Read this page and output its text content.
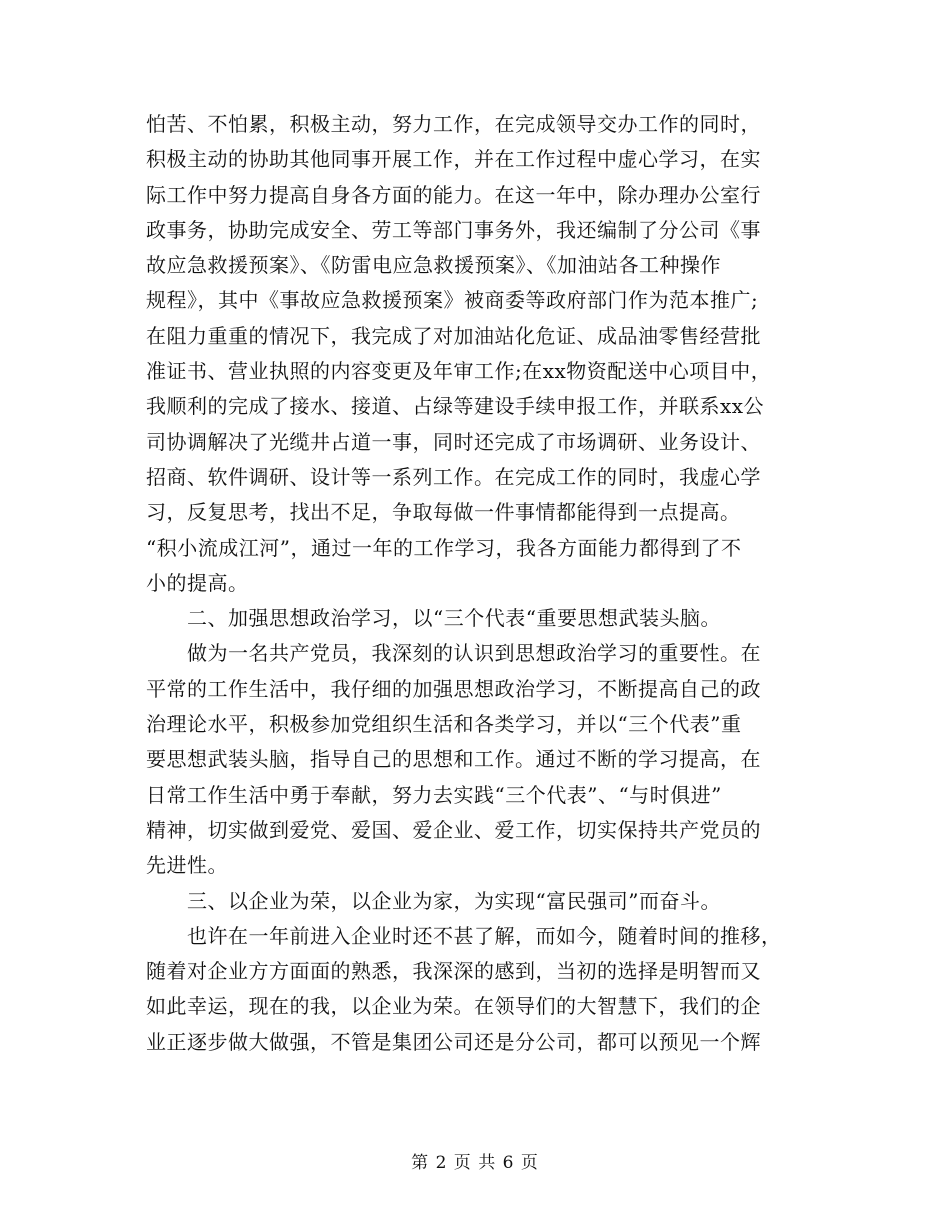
怕苦、不怕累，积极主动，努力工作，在完成领导交办工作的同时，
积极主动的协助其他同事开展工作，并在工作过程中虚心学习，在实
际工作中努力提高自身各方面的能力。在这一年中，除办理办公室行
政事务，协助完成安全、劳工等部门事务外，我还编制了分公司《事
故应急救援预案》、《防雷电应急救援预案》、《加油站各工种操作
规程》，其中《事故应急救援预案》被商委等政府部门作为范本推广;
在阻力重重的情况下，我完成了对加油站化危证、成品油零售经营批
准证书、营业执照的内容变更及年审工作;在xx物资配送中心项目中，
我顺利的完成了接水、接道、占绿等建设手续申报工作，并联系xx公
司协调解决了光缆井占道一事，同时还完成了市场调研、业务设计、
招商、软件调研、设计等一系列工作。在完成工作的同时，我虚心学
习，反复思考，找出不足，争取每做一件事情都能得到一点提高。
“积小流成江河”，通过一年的工作学习，我各方面能力都得到了不
小的提高。
　　二、加强思想政治学习，以“三个代表“重要思想武装头脑。
　　做为一名共产党员，我深刻的认识到思想政治学习的重要性。在
平常的工作生活中，我仔细的加强思想政治学习，不断提高自己的政
治理论水平，积极参加党组织生活和各类学习，并以“三个代表”重
要思想武装头脑，指导自己的思想和工作。通过不断的学习提高，在
日常工作生活中勇于奉献，努力去实践“三个代表”、“与时俱进”
精神，切实做到爱党、爱国、爱企业、爱工作，切实保持共产党员的
先进性。
　　三、以企业为荣，以企业为家，为实现“富民强司”而奋斗。
　　也许在一年前进入企业时还不甚了解，而如今，随着时间的推移，
随着对企业方方面面的熟悉，我深深的感到，当初的选择是明智而又
如此幸运，现在的我，以企业为荣。在领导们的大智慧下，我们的企
业正逐步做大做强，不管是集团公司还是分公司，都可以预见一个辉
第 2 页 共 6 页
